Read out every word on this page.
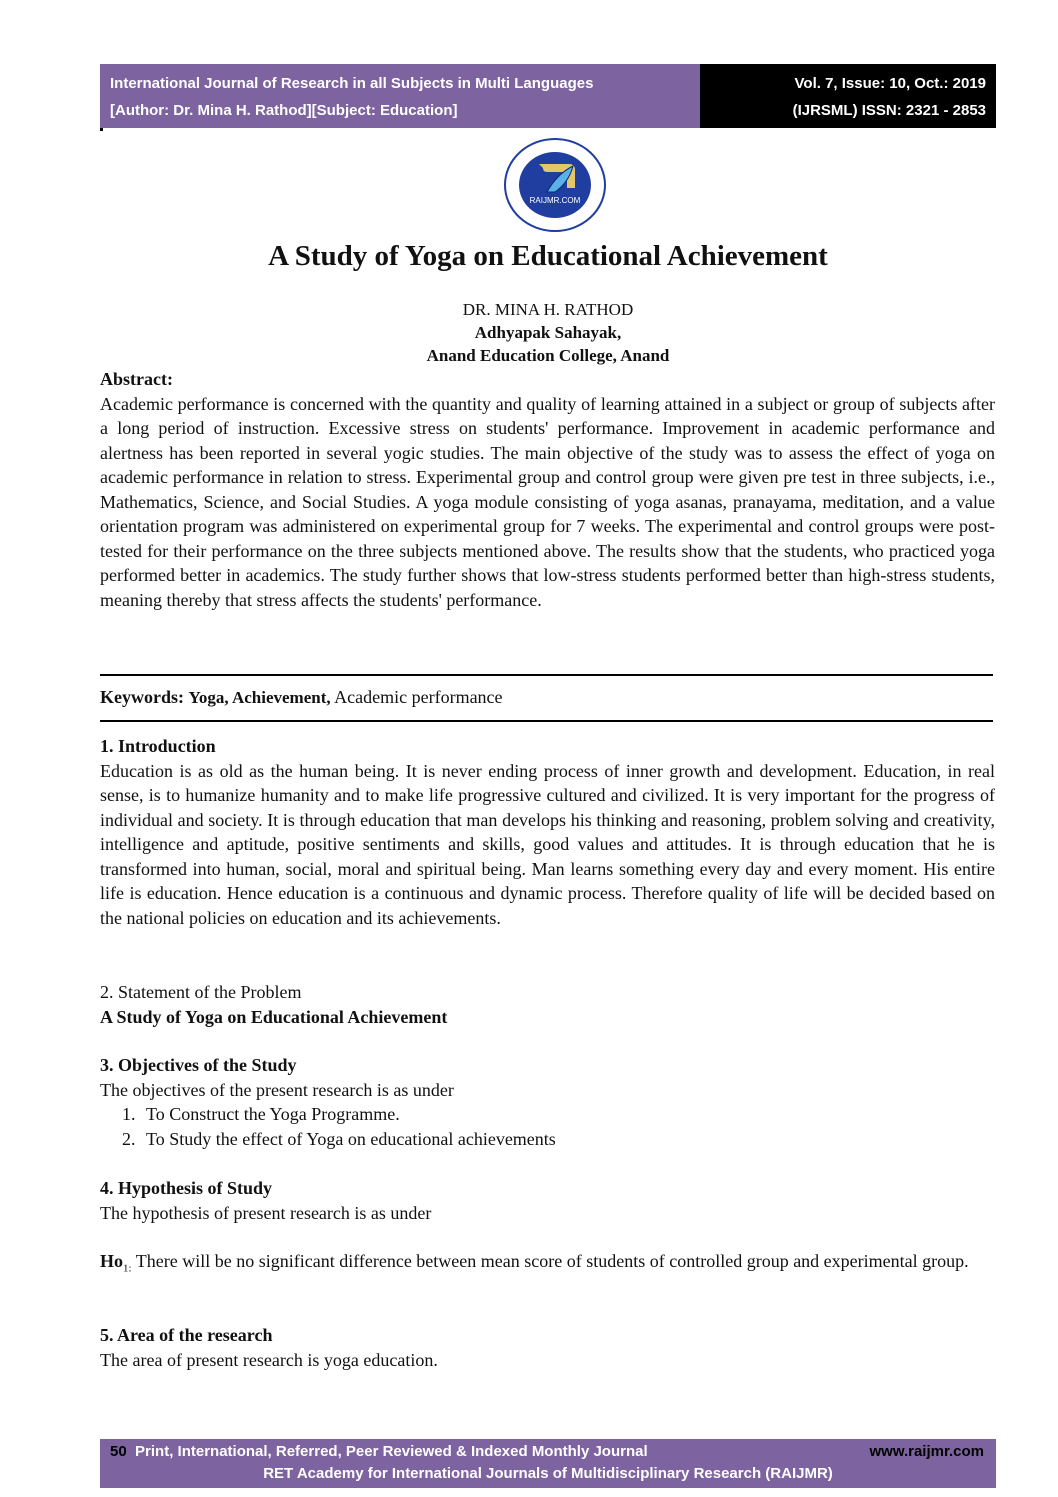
International Journal of Research in all Subjects in Multi Languages
[Author: Dr. Mina H. Rathod][Subject: Education]
Vol. 7, Issue: 10, Oct.: 2019
(IJRSML) ISSN: 2321 - 2853
RAIJMR.COM
A Study of Yoga on Educational Achievement
DR. MINA H. RATHOD
Adhyapak Sahayak,
Anand Education College, Anand
Abstract:
Academic performance is concerned with the quantity and quality of learning attained in a subject or group of subjects after a long period of instruction. Excessive stress on students' performance. Improvement in academic performance and alertness has been reported in several yogic studies. The main objective of the study was to assess the effect of yoga on academic performance in relation to stress. Experimental group and control group were given pre test in three subjects, i.e., Mathematics, Science, and Social Studies. A yoga module consisting of yoga asanas, pranayama, meditation, and a value orientation program was administered on experimental group for 7 weeks. The experimental and control groups were post-tested for their performance on the three subjects mentioned above. The results show that the students, who practiced yoga performed better in academics. The study further shows that low-stress students performed better than high-stress students, meaning thereby that stress affects the students' performance.
Keywords: Yoga, Achievement, Academic performance
1. Introduction
Education is as old as the human being. It is never ending process of inner growth and development. Education, in real sense, is to humanize humanity and to make life progressive cultured and civilized. It is very important for the progress of individual and society. It is through education that man develops his thinking and reasoning, problem solving and creativity, intelligence and aptitude, positive sentiments and skills, good values and attitudes. It is through education that he is transformed into human, social, moral and spiritual being. Man learns something every day and every moment. His entire life is education. Hence education is a continuous and dynamic process. Therefore quality of life will be decided based on the national policies on education and its achievements.
2. Statement of the Problem
A Study of Yoga on Educational Achievement
3. Objectives of the Study
The objectives of the present research is as under
1. To Construct the Yoga Programme.
2. To Study the effect of Yoga on educational achievements
4. Hypothesis of Study
The hypothesis of present research is as under
$Ho_{1:}$ There will be no significant difference between mean score of students of controlled group and experimental group.
5. Area of the research
The area of present research is yoga education.
50 Print, International, Referred, Peer Reviewed & Indexed Monthly Journal	www.raijmr.com
RET Academy for International Journals of Multidisciplinary Research (RAIJMR)
